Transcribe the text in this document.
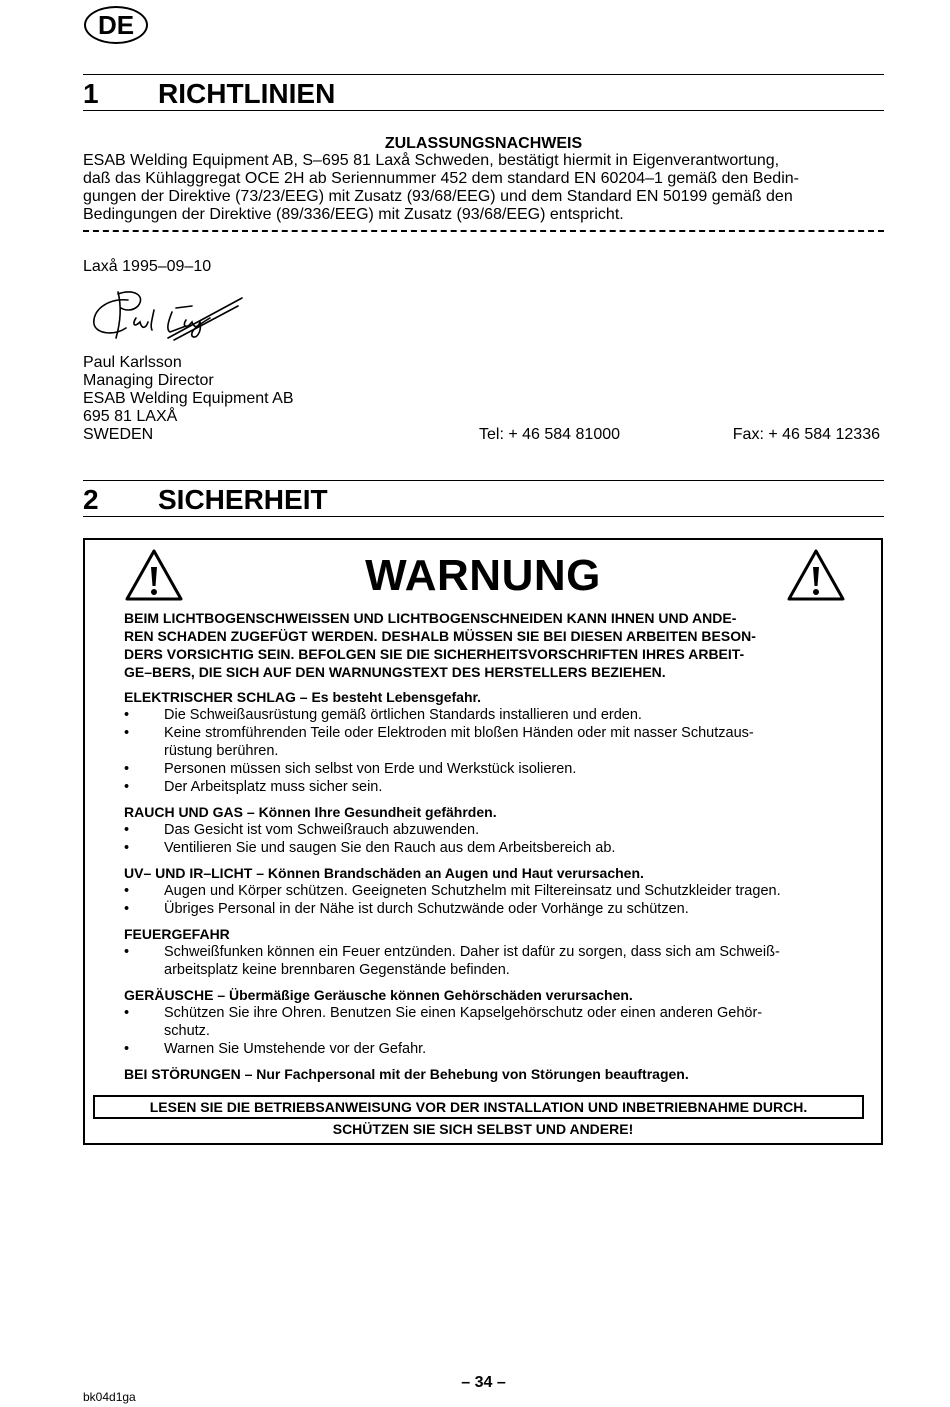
DE
1 RICHTLINIEN
ZULASSUNGSNACHWEIS
ESAB Welding Equipment AB, S–695 81 Laxå Schweden, bestätigt hiermit in Eigenverantwortung,
daß das Kühlaggregat OCE 2H ab Seriennummer 452 dem standard EN 60204–1 gemäß den Bedin-
gungen der Direktive (73/23/EEG) mit Zusatz (93/68/EEG) und dem Standard EN 50199 gemäß den
Bedingungen der Direktive (89/336/EEG) mit Zusatz (93/68/EEG) entspricht.
Laxå 1995–09–10
Paul Karlsson
Managing Director
ESAB Welding Equipment AB
695 81 LAXÅ
SWEDEN	Tel: + 46 584 81000	Fax: + 46 584 12336
2 SICHERHEIT
WARNUNG
BEIM LICHTBOGENSCHWEISSEN UND LICHTBOGENSCHNEIDEN KANN IHNEN UND ANDE-
REN SCHADEN ZUGEFÜGT WERDEN. DESHALB MÜSSEN SIE BEI DIESEN ARBEITEN BESON-
DERS VORSICHTIG SEIN. BEFOLGEN SIE DIE SICHERHEITSVORSCHRIFTEN IHRES ARBEIT-
GE–BERS, DIE SICH AUF DEN WARNUNGSTEXT DES HERSTELLERS BEZIEHEN.
ELEKTRISCHER SCHLAG – Es besteht Lebensgefahr.
• Die Schweißausrüstung gemäß örtlichen Standards installieren und erden.
• Keine stromführenden Teile oder Elektroden mit bloßen Händen oder mit nasser Schutzaus-
rüstung berühren.
• Personen müssen sich selbst von Erde und Werkstück isolieren.
• Der Arbeitsplatz muss sicher sein.
RAUCH UND GAS – Können Ihre Gesundheit gefährden.
• Das Gesicht ist vom Schweißrauch abzuwenden.
• Ventilieren Sie und saugen Sie den Rauch aus dem Arbeitsbereich ab.
UV– UND IR–LICHT – Können Brandschäden an Augen und Haut verursachen.
• Augen und Körper schützen. Geeigneten Schutzhelm mit Filtereinsatz und Schutzkleider tragen.
• Übriges Personal in der Nähe ist durch Schutzwände oder Vorhänge zu schützen.
FEUERGEFAHR
• Schweißfunken können ein Feuer entzünden. Daher ist dafür zu sorgen, dass sich am Schweiß-
arbeitsplatz keine brennbaren Gegenstände befinden.
GERÄUSCHE – Übermäßige Geräusche können Gehörschäden verursachen.
• Schützen Sie ihre Ohren. Benutzen Sie einen Kapselgehörschutz oder einen anderen Gehör-
schutz.
• Warnen Sie Umstehende vor der Gefahr.
BEI STÖRUNGEN – Nur Fachpersonal mit der Behebung von Störungen beauftragen.
LESEN SIE DIE BETRIEBSANWEISUNG VOR DER INSTALLATION UND INBETRIEBNAHME DURCH.
SCHÜTZEN SIE SICH SELBST UND ANDERE!
– 34 –
bk04d1ga
